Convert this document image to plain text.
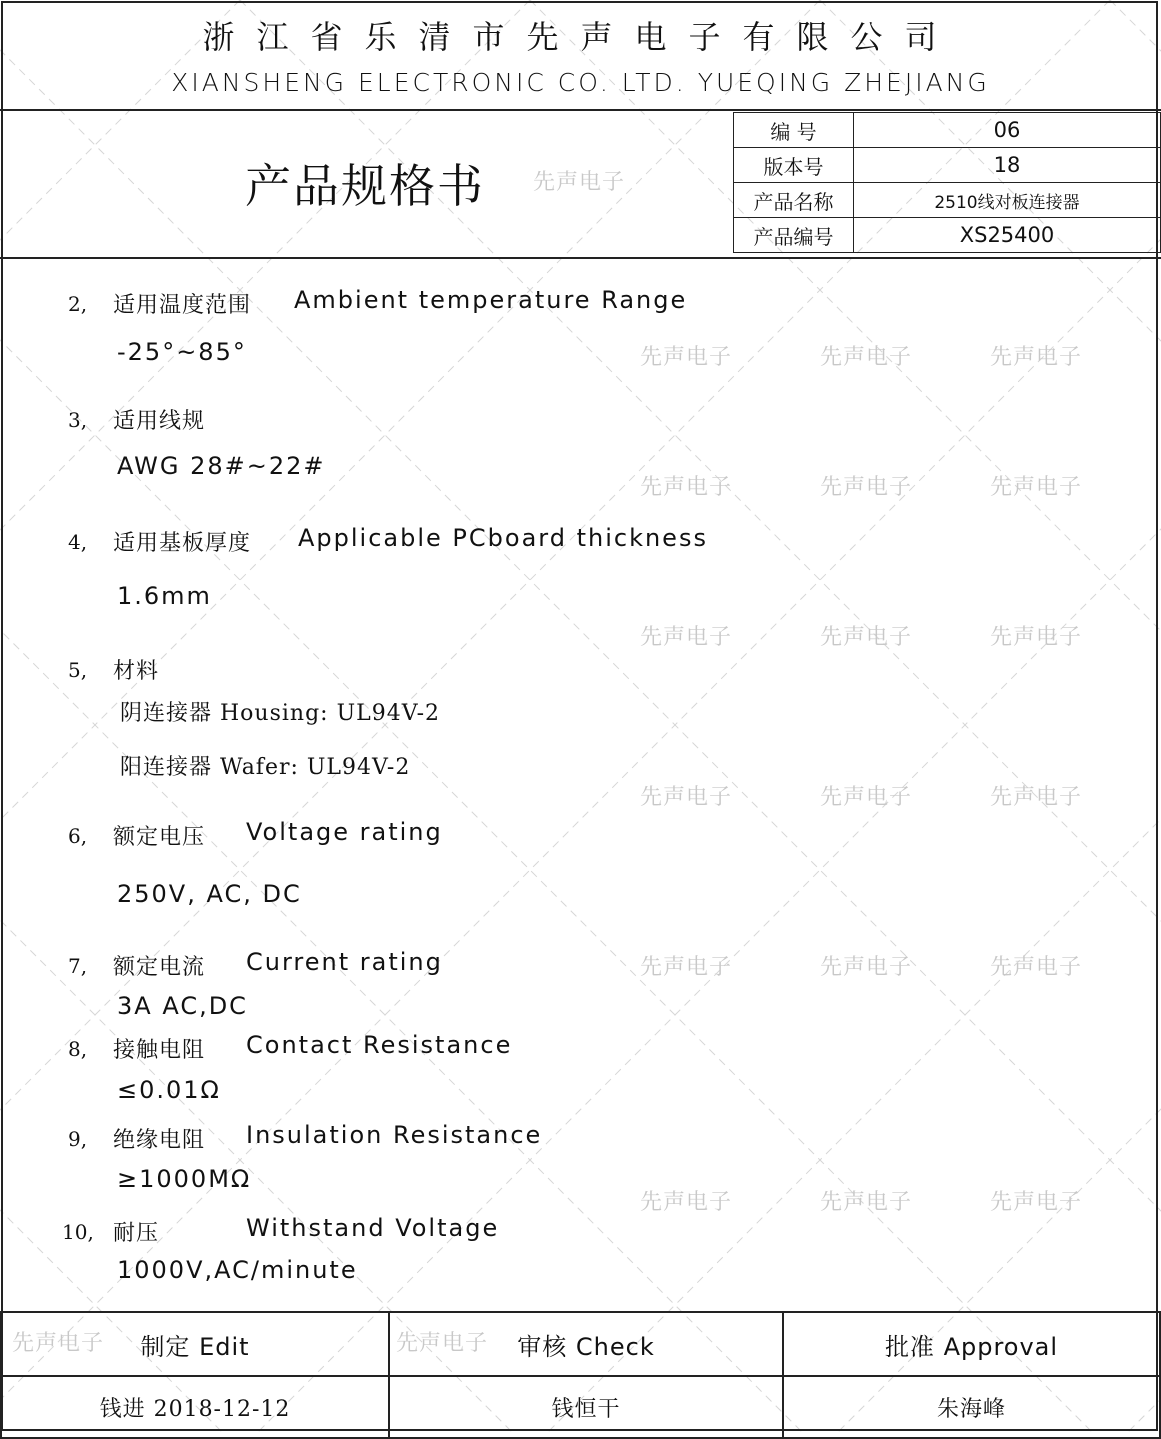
先声电子
先声电子	先声电子	先声电子
先声电子	先声电子	先声电子
先声电子	先声电子	先声电子
先声电子	先声电子	先声电子
先声电子	先声电子	先声电子
先声电子	先声电子	先声电子
先声电子	先声电子
浙江省乐清市先声电子有限公司
XIANSHENG ELECTRONIC CO. LTD. YUEQING ZHEJIANG
产品规格书
编 号	06
版本号	18
产品名称	2510线对板连接器
产品编号	XS25400
2, 适用温度范围 Ambient temperature Range
-25°~85°
3, 适用线规
AWG 28#~22#
4, 适用基板厚度 Applicable PCboard thickness
1.6mm
5, 材料
阴连接器 Housing: UL94V-2
阳连接器 Wafer: UL94V-2
6, 额定电压 Voltage rating
250V, AC, DC
7, 额定电流 Current rating
3A AC,DC
8, 接触电阻 Contact Resistance
≤0.01Ω
9, 绝缘电阻 Insulation Resistance
≥1000MΩ
10, 耐压	Withstand Voltage
1000V,AC/minute
制定 Edit	审核 Check	批准 Approval
钱进 2018-12-12	钱恒干	朱海峰
